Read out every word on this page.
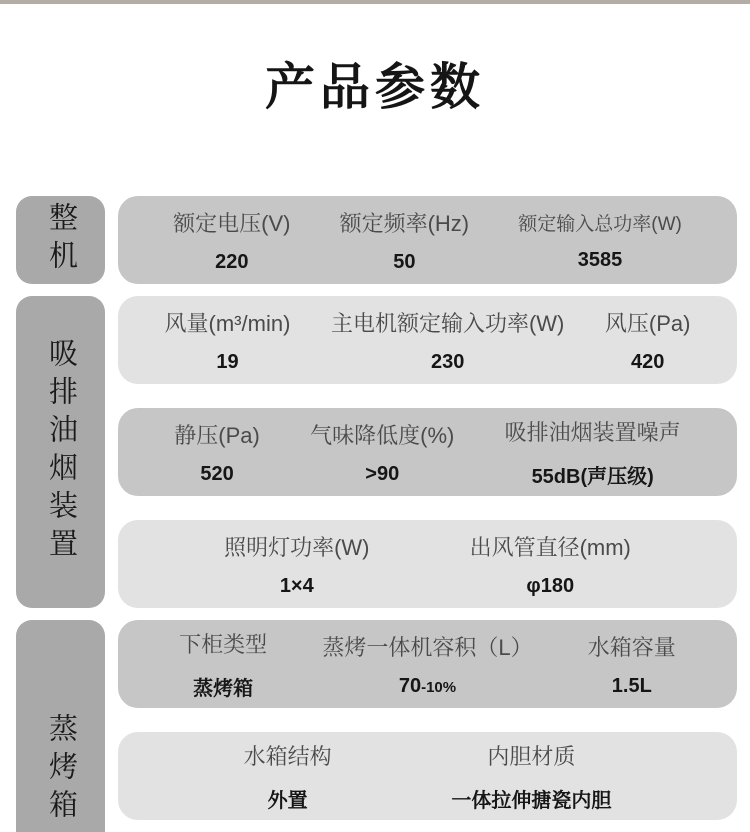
产品参数
整机	额定电压(V)
220
额定频率(Hz)
50
额定输入总功率(W)
3585
吸排油烟装置
风量(m³/min)
19
主电机额定输入功率(W)
230
风压(Pa)
420
静压(Pa)
520
气味降低度(%)
>90
吸排油烟装置噪声
55dB(声压级)
照明灯功率(W)
1×4
出风管直径(mm)
φ180
蒸烤箱
下柜类型
蒸烤箱
蒸烤一体机容积（L）
70-10%
水箱容量
1.5L
水箱结构
外置
内胆材质
一体拉伸搪瓷内胆
